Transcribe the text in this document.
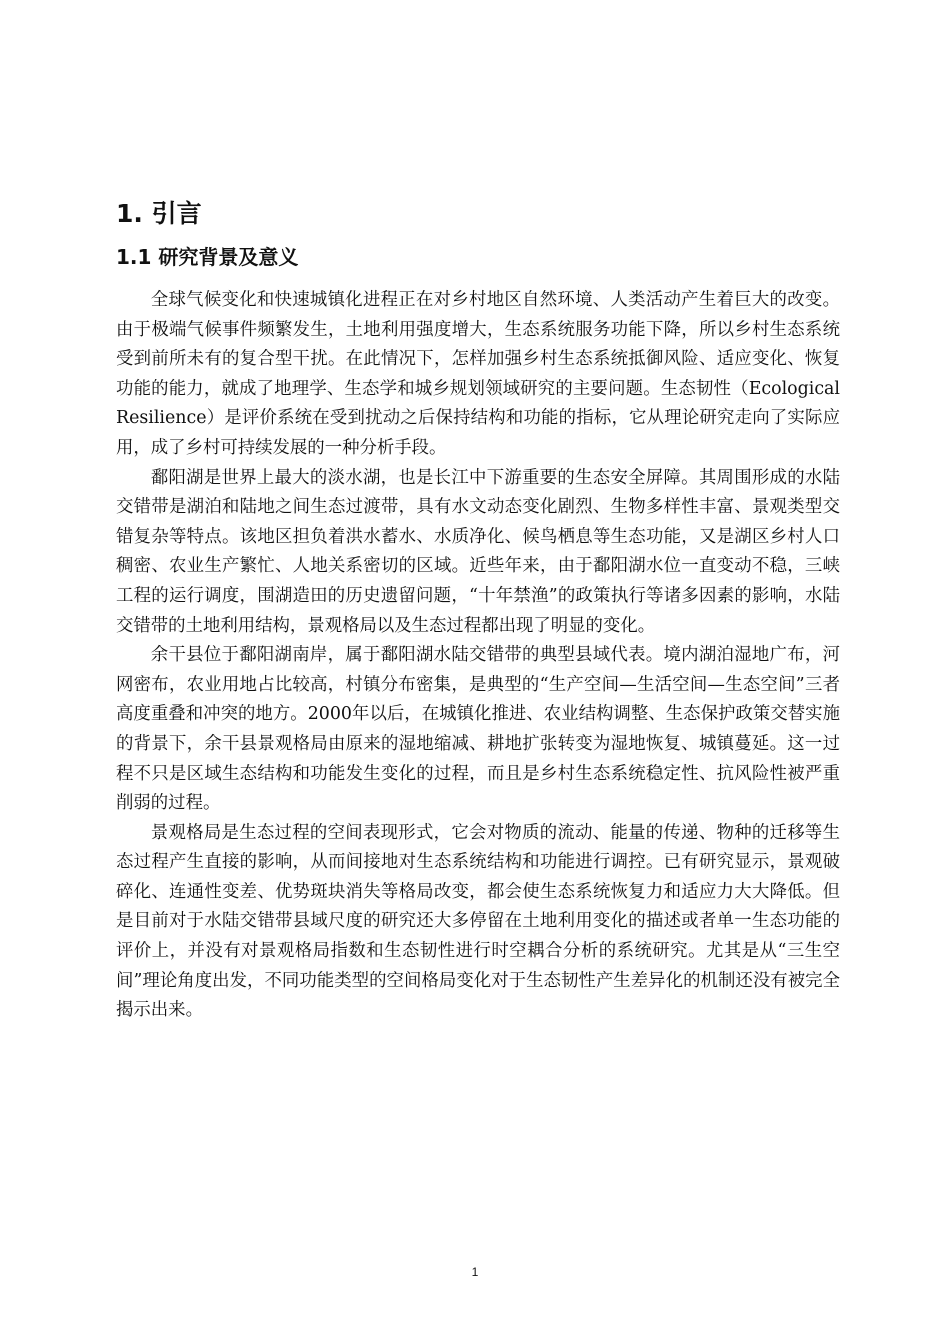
1. 引言
1.1 研究背景及意义

全球气候变化和快速城镇化进程正在对乡村地区自然环境、人类活动产生着巨大的改变。由于极端气候事件频繁发生，土地利用强度增大，生态系统服务功能下降，所以乡村生态系统受到前所未有的复合型干扰。在此情况下，怎样加强乡村生态系统抵御风险、适应变化、恢复功能的能力，就成了地理学、生态学和城乡规划领域研究的主要问题。生态韧性（Ecological Resilience）是评价系统在受到扰动之后保持结构和功能的指标，它从理论研究走向了实际应用，成了乡村可持续发展的一种分析手段。

鄱阳湖是世界上最大的淡水湖，也是长江中下游重要的生态安全屏障。其周围形成的水陆交错带是湖泊和陆地之间生态过渡带，具有水文动态变化剧烈、生物多样性丰富、景观类型交错复杂等特点。该地区担负着洪水蓄水、水质净化、候鸟栖息等生态功能，又是湖区乡村人口稠密、农业生产繁忙、人地关系密切的区域。近些年来，由于鄱阳湖水位一直变动不稳，三峡工程的运行调度，围湖造田的历史遗留问题，“十年禁渔”的政策执行等诸多因素的影响，水陆交错带的土地利用结构，景观格局以及生态过程都出现了明显的变化。

余干县位于鄱阳湖南岸，属于鄱阳湖水陆交错带的典型县域代表。境内湖泊湿地广布，河网密布，农业用地占比较高，村镇分布密集，是典型的“生产空间—生活空间—生态空间”三者高度重叠和冲突的地方。2000年以后，在城镇化推进、农业结构调整、生态保护政策交替实施的背景下，余干县景观格局由原来的湿地缩减、耕地扩张转变为湿地恢复、城镇蔓延。这一过程不只是区域生态结构和功能发生变化的过程，而且是乡村生态系统稳定性、抗风险性被严重削弱的过程。

景观格局是生态过程的空间表现形式，它会对物质的流动、能量的传递、物种的迁移等生态过程产生直接的影响，从而间接地对生态系统结构和功能进行调控。已有研究显示，景观破碎化、连通性变差、优势斑块消失等格局改变，都会使生态系统恢复力和适应力大大降低。但是目前对于水陆交错带县域尺度的研究还大多停留在土地利用变化的描述或者单一生态功能的评价上，并没有对景观格局指数和生态韧性进行时空耦合分析的系统研究。尤其是从“三生空间”理论角度出发，不同功能类型的空间格局变化对于生态韧性产生差异化的机制还没有被完全揭示出来。

1
